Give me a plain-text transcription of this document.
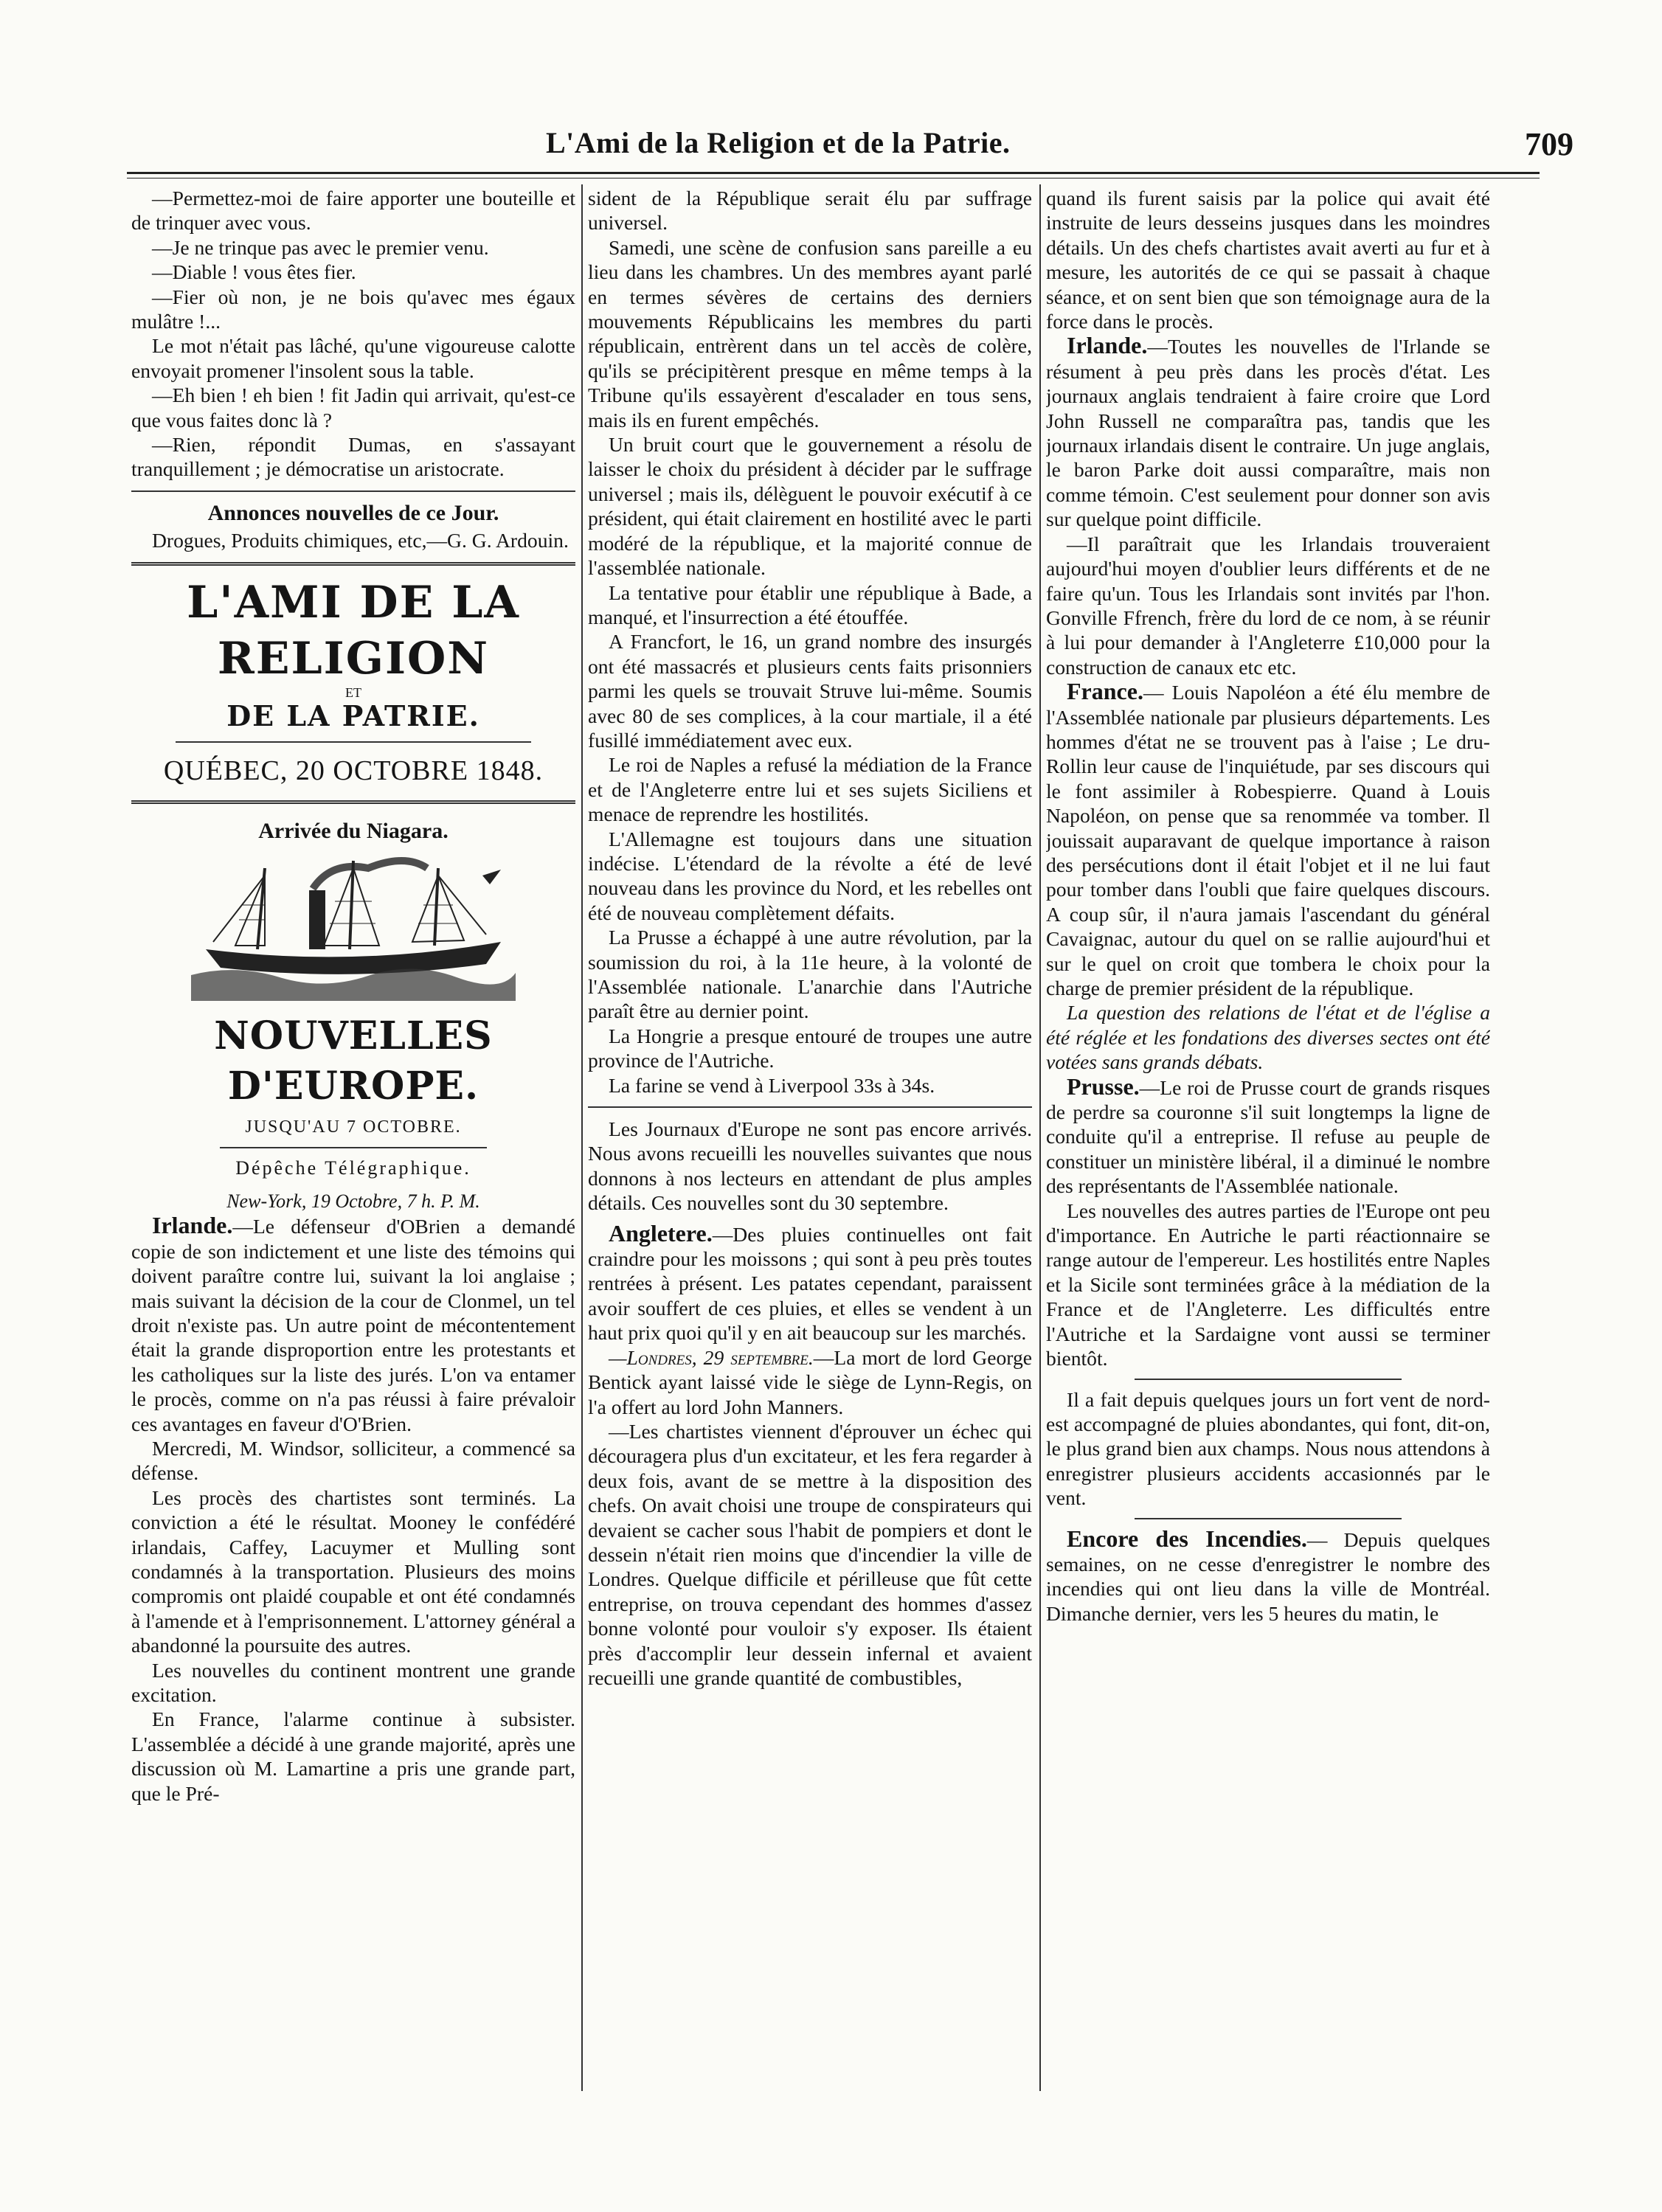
L'Ami de la Religion et de la Patrie.	709

—Permettez-moi de faire apporter une bouteille et de trinquer avec vous.

—Je ne trinque pas avec le premier venu.

—Diable ! vous êtes fier.

—Fier où non, je ne bois qu'avec mes égaux mulâtre !...

Le mot n'était pas lâché, qu'une vigoureuse calotte envoyait promener l'insolent sous la table.

—Eh bien ! eh bien ! fit Jadin qui arrivait, qu'est-ce que vous faites donc là ?

—Rien, répondit Dumas, en s'assayant tranquillement ; je démocratise un aristocrate.

Annonces nouvelles de ce Jour.

Drogues, Produits chimiques, etc,—G. G. Ardouin.

L'AMI DE LA RELIGION
ET
DE LA PATRIE.
QUÉBEC, 20 OCTOBRE 1848.
Arrivée du Niagara.
NOUVELLES D'EUROPE.
JUSQU'AU 7 OCTOBRE.
Dépêche Télégraphique.
New-York, 19 Octobre, 7 h. P. M.

Irlande.—Le défenseur d'OBrien a demandé copie de son indictement et une liste des témoins qui doivent paraître contre lui, suivant la loi anglaise ; mais suivant la décision de la cour de Clonmel, un tel droit n'existe pas. Un autre point de mécontentement était la grande disproportion entre les protestants et les catholiques sur la liste des jurés. L'on va entamer le procès, comme on n'a pas réussi à faire prévaloir ces avantages en faveur d'O'Brien.

Mercredi, M. Windsor, solliciteur, a commencé sa défense.

Les procès des chartistes sont terminés. La conviction a été le résultat. Mooney le confédéré irlandais, Caffey, Lacuymer et Mulling sont condamnés à la transportation. Plusieurs des moins compromis ont plaidé coupable et ont été condamnés à l'amende et à l'emprisonnement. L'attorney général a abandonné la poursuite des autres.

Les nouvelles du continent montrent une grande excitation.

En France, l'alarme continue à subsister. L'assemblée a décidé à une grande majorité, après une discussion où M. Lamartine a pris une grande part, que le Pré-

sident de la République serait élu par suffrage universel.

Samedi, une scène de confusion sans pareille a eu lieu dans les chambres. Un des membres ayant parlé en termes sévères de certains des derniers mouvements Républicains les membres du parti républicain, entrèrent dans un tel accès de colère, qu'ils se précipitèrent presque en même temps à la Tribune qu'ils essayèrent d'escalader en tous sens, mais ils en furent empêchés.

Un bruit court que le gouvernement a résolu de laisser le choix du président à décider par le suffrage universel ; mais ils, délèguent le pouvoir exécutif à ce président, qui était clairement en hostilité avec le parti modéré de la république, et la majorité connue de l'assemblée nationale.

La tentative pour établir une république à Bade, a manqué, et l'insurrection a été étouffée.

A Francfort, le 16, un grand nombre des insurgés ont été massacrés et plusieurs cents faits prisonniers parmi les quels se trouvait Struve lui-même. Soumis avec 80 de ses complices, à la cour martiale, il a été fusillé immédiatement avec eux.

Le roi de Naples a refusé la médiation de la France et de l'Angleterre entre lui et ses sujets Siciliens et menace de reprendre les hostilités.

L'Allemagne est toujours dans une situation indécise. L'étendard de la révolte a été de levé nouveau dans les province du Nord, et les rebelles ont été de nouveau complètement défaits.

La Prusse a échappé à une autre révolution, par la soumission du roi, à la 11e heure, à la volonté de l'Assemblée nationale. L'anarchie dans l'Autriche paraît être au dernier point.

La Hongrie a presque entouré de troupes une autre province de l'Autriche.

La farine se vend à Liverpool 33s à 34s.

Les Journaux d'Europe ne sont pas encore arrivés. Nous avons recueilli les nouvelles suivantes que nous donnons à nos lecteurs en attendant de plus amples détails. Ces nouvelles sont du 30 septembre.

Angletere.—Des pluies continuelles ont fait craindre pour les moissons ; qui sont à peu près toutes rentrées à présent. Les patates cependant, paraissent avoir souffert de ces pluies, et elles se vendent à un haut prix quoi qu'il y en ait beaucoup sur les marchés.

—Londres, 29 septembre.—La mort de lord George Bentick ayant laissé vide le siège de Lynn-Regis, on l'a offert au lord John Manners.

—Les chartistes viennent d'éprouver un échec qui découragera plus d'un excitateur, et les fera regarder à deux fois, avant de se mettre à la disposition des chefs. On avait choisi une troupe de conspirateurs qui devaient se cacher sous l'habit de pompiers et dont le dessein n'était rien moins que d'incendier la ville de Londres. Quelque difficile et périlleuse que fût cette entreprise, on trouva cependant des hommes d'assez bonne volonté pour vouloir s'y exposer. Ils étaient près d'accomplir leur dessein infernal et avaient recueilli une grande quantité de combustibles,

quand ils furent saisis par la police qui avait été instruite de leurs desseins jusques dans les moindres détails. Un des chefs chartistes avait averti au fur et à mesure, les autorités de ce qui se passait à chaque séance, et on sent bien que son témoignage aura de la force dans le procès.

Irlande.—Toutes les nouvelles de l'Irlande se résument à peu près dans les procès d'état. Les journaux anglais tendraient à faire croire que Lord John Russell ne comparaîtra pas, tandis que les journaux irlandais disent le contraire. Un juge anglais, le baron Parke doit aussi comparaître, mais non comme témoin. C'est seulement pour donner son avis sur quelque point difficile.

—Il paraîtrait que les Irlandais trouveraient aujourd'hui moyen d'oublier leurs différents et de ne faire qu'un. Tous les Irlandais sont invités par l'hon. Gonville Ffrench, frère du lord de ce nom, à se réunir à lui pour demander à l'Angleterre £10,000 pour la construction de canaux etc etc.

France.— Louis Napoléon a été élu membre de l'Assemblée nationale par plusieurs départements. Les hommes d'état ne se trouvent pas à l'aise ; Le dru-Rollin leur cause de l'inquiétude, par ses discours qui le font assimiler à Robespierre. Quand à Louis Napoléon, on pense que sa renommée va tomber. Il jouissait auparavant de quelque importance à raison des persécutions dont il était l'objet et il ne lui faut pour tomber dans l'oubli que faire quelques discours. A coup sûr, il n'aura jamais l'ascendant du général Cavaignac, autour du quel on se rallie aujourd'hui et sur le quel on croit que tombera le choix pour la charge de premier président de la république.

La question des relations de l'état et de l'église a été réglée et les fondations des diverses sectes ont été votées sans grands débats.

Prusse.—Le roi de Prusse court de grands risques de perdre sa couronne s'il suit longtemps la ligne de conduite qu'il a entreprise. Il refuse au peuple de constituer un ministère libéral, il a diminué le nombre des représentants de l'Assemblée nationale.

Les nouvelles des autres parties de l'Europe ont peu d'importance. En Autriche le parti réactionnaire se range autour de l'empereur. Les hostilités entre Naples et la Sicile sont terminées grâce à la médiation de la France et de l'Angleterre. Les difficultés entre l'Autriche et la Sardaigne vont aussi se terminer bientôt.

Il a fait depuis quelques jours un fort vent de nord-est accompagné de pluies abondantes, qui font, dit-on, le plus grand bien aux champs. Nous nous attendons à enregistrer plusieurs accidents accasionnés par le vent.

Encore des Incendies.— Depuis quelques semaines, on ne cesse d'enregistrer le nombre des incendies qui ont lieu dans la ville de Montréal. Dimanche dernier, vers les 5 heures du matin, le
